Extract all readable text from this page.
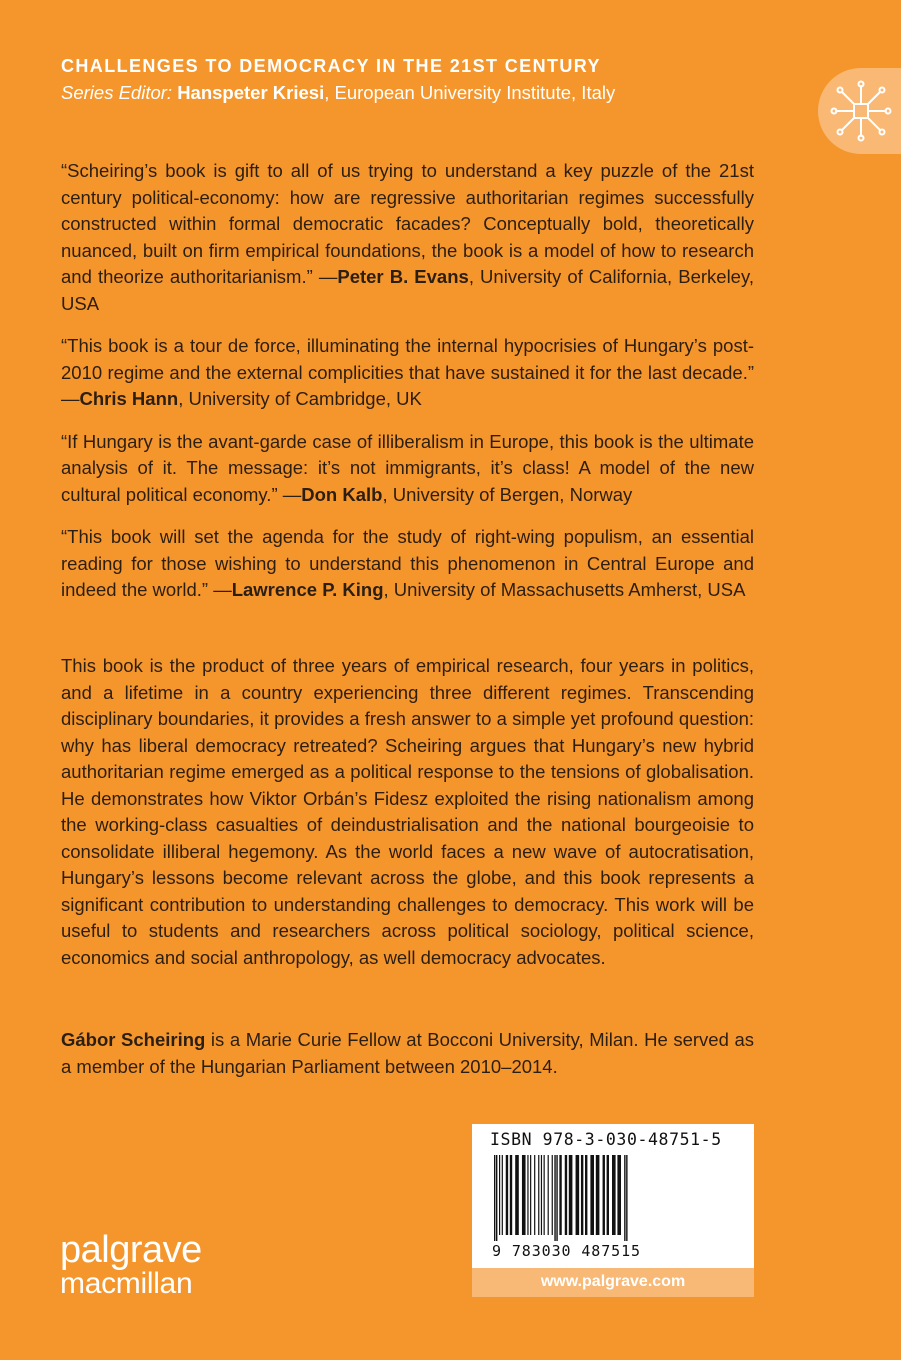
CHALLENGES TO DEMOCRACY IN THE 21ST CENTURY
Series Editor: Hanspeter Kriesi, European University Institute, Italy

“Scheiring’s book is gift to all of us trying to understand a key puzzle of the 21st century political-economy: how are regressive authoritarian regimes successfully constructed within formal democratic facades? Conceptually bold, theoretically nuanced, built on firm empirical foundations, the book is a model of how to research and theorize authoritarianism.” —Peter B. Evans, University of California, Berkeley, USA

“This book is a tour de force, illuminating the internal hypocrisies of Hungary’s post-2010 regime and the external complicities that have sustained it for the last decade.” —Chris Hann, University of Cambridge, UK

“If Hungary is the avant-garde case of illiberalism in Europe, this book is the ultimate analysis of it. The message: it’s not immigrants, it’s class! A model of the new cultural political economy.” —Don Kalb, University of Bergen, Norway

“This book will set the agenda for the study of right-wing populism, an essential reading for those wishing to understand this phenomenon in Central Europe and indeed the world.” —Lawrence P. King, University of Massachusetts Amherst, USA

This book is the product of three years of empirical research, four years in politics, and a lifetime in a country experiencing three different regimes. Transcending disciplinary boundaries, it provides a fresh answer to a simple yet profound question: why has liberal democracy retreated? Scheiring argues that Hungary’s new hybrid authoritarian regime emerged as a political response to the tensions of globalisation. He demonstrates how Viktor Orbán’s Fidesz exploited the rising nationalism among the working-class casualties of deindustrialisation and the national bourgeoisie to consolidate illiberal hegemony. As the world faces a new wave of autocratisation, Hungary’s lessons become relevant across the globe, and this book represents a significant contribution to understanding challenges to democracy. This work will be useful to students and researchers across political sociology, political science, economics and social anthropology, as well democracy advocates.

Gábor Scheiring is a Marie Curie Fellow at Bocconi University, Milan. He served as a member of the Hungarian Parliament between 2010–2014.

palgrave
macmillan
ISBN 978-3-030-48751-5
9 783030 487515
www.palgrave.com
